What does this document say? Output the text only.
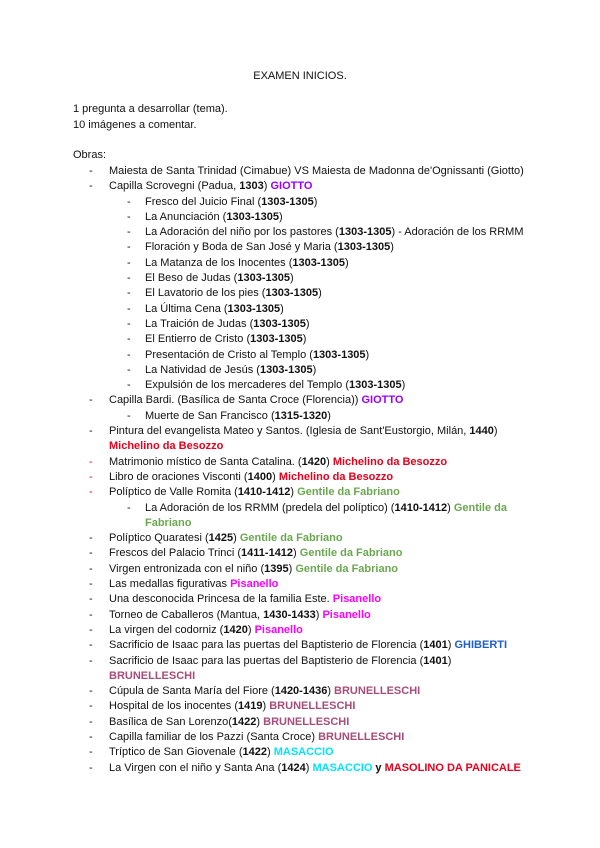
EXAMEN INICIOS.
1 pregunta a desarrollar (tema).
10 imágenes a comentar.
Obras:
-	Maiesta de Santa Trinidad (Cimabue) VS Maiesta de Madonna de'Ognissanti (Giotto)
-	Capilla Scrovegni (Padua, 1303) GIOTTO
-	Fresco del Juicio Final (1303-1305)
-	La Anunciación (1303-1305)
-	La Adoración del niño por los pastores (1303-1305) - Adoración de los RRMM
-	Floración y Boda de San José y Maria (1303-1305)
-	La Matanza de los Inocentes (1303-1305)
-	El Beso de Judas (1303-1305)
-	El Lavatorio de los pies (1303-1305)
-	La Última Cena (1303-1305)
-	La Traición de Judas (1303-1305)
-	El Entierro de Cristo (1303-1305)
-	Presentación de Cristo al Templo (1303-1305)
-	La Natividad de Jesús (1303-1305)
-	Expulsión de los mercaderes del Templo (1303-1305)
-	Capilla Bardi. (Basílica de Santa Croce (Florencia)) GIOTTO
-	Muerte de San Francisco (1315-1320)
-	Pintura del evangelista Mateo y Santos. (Iglesia de Sant'Eustorgio, Milán, 1440) Michelino da Besozzo
-	Matrimonio místico de Santa Catalina. (1420) Michelino da Besozzo
-	Libro de oraciones Visconti (1400) Michelino da Besozzo
-	Políptico de Valle Romita (1410-1412) Gentile da Fabriano
-	La Adoración de los RRMM (predela del políptico) (1410-1412) Gentile da Fabriano
-	Políptico Quaratesi (1425) Gentile da Fabriano
-	Frescos del Palacio Trinci (1411-1412) Gentile da Fabriano
-	Virgen entronizada con el niño (1395) Gentile da Fabriano
-	Las medallas figurativas Pisanello
-	Una desconocida Princesa de la familia Este. Pisanello
-	Torneo de Caballeros (Mantua, 1430-1433) Pisanello
-	La virgen del codorniz (1420) Pisanello
-	Sacrificio de Isaac para las puertas del Baptisterio de Florencia (1401) GHIBERTI
-	Sacrificio de Isaac para las puertas del Baptisterio de Florencia (1401) BRUNELLESCHI
-	Cúpula de Santa María del Fiore (1420-1436) BRUNELLESCHI
-	Hospital de los inocentes (1419) BRUNELLESCHI
-	Basílica de San Lorenzo(1422) BRUNELLESCHI
-	Capilla familiar de los Pazzi (Santa Croce) BRUNELLESCHI
-	Tríptico de San Giovenale (1422) MASACCIO
-	La Virgen con el niño y Santa Ana (1424) MASACCIO y MASOLINO DA PANICALE
